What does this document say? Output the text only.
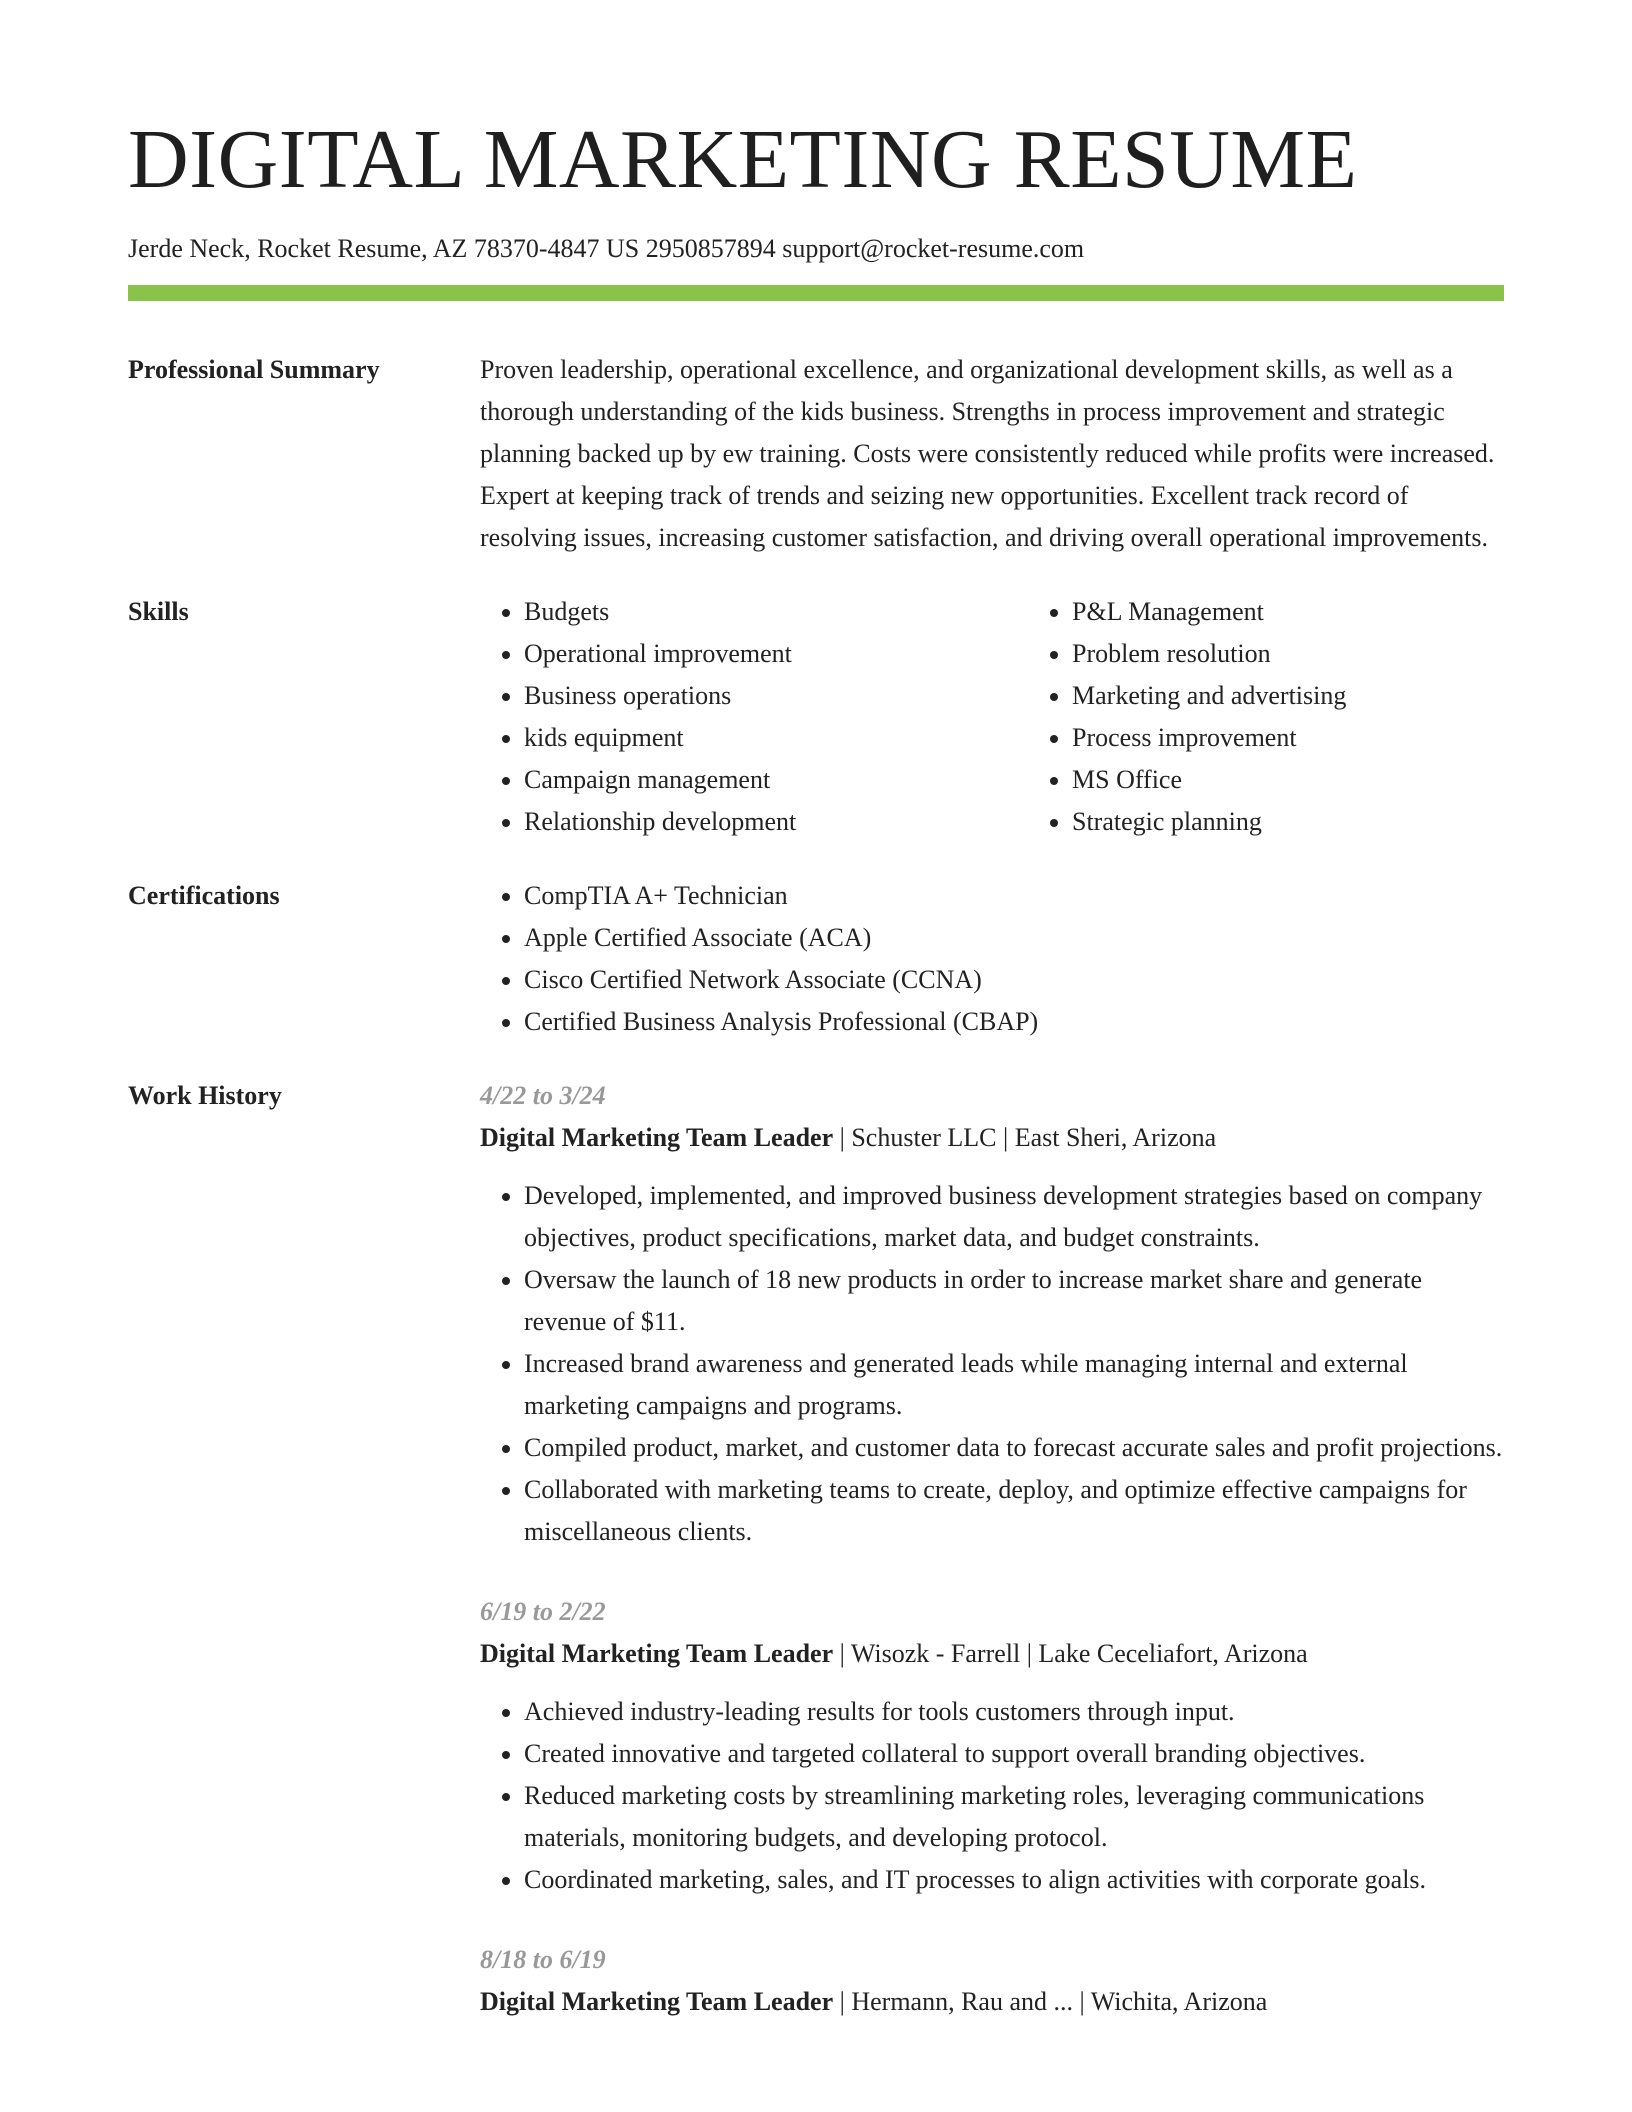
DIGITAL MARKETING RESUME
Jerde Neck, Rocket Resume, AZ 78370-4847 US 2950857894 support@rocket-resume.com
Professional Summary	Proven leadership, operational excellence, and organizational development skills, as well as a thorough understanding of the kids business. Strengths in process improvement and strategic planning backed up by ew training. Costs were consistently reduced while profits were increased. Expert at keeping track of trends and seizing new opportunities. Excellent track record of resolving issues, increasing customer satisfaction, and driving overall operational improvements.

Skills	• Budgets
• Operational improvement
• Business operations
• kids equipment
• Campaign management
• Relationship development
• P&L Management
• Problem resolution
• Marketing and advertising
• Process improvement
• MS Office
• Strategic planning
Certifications	• CompTIA A+ Technician
• Apple Certified Associate (ACA)
• Cisco Certified Network Associate (CCNA)
• Certified Business Analysis Professional (CBAP)
Work History	4/22 to 3/24
Digital Marketing Team Leader | Schuster LLC | East Sheri, Arizona
• Developed, implemented, and improved business development strategies based on company objectives, product specifications, market data, and budget constraints.
• Oversaw the launch of 18 new products in order to increase market share and generate revenue of $11.
• Increased brand awareness and generated leads while managing internal and external marketing campaigns and programs.
• Compiled product, market, and customer data to forecast accurate sales and profit projections.
• Collaborated with marketing teams to create, deploy, and optimize effective campaigns for miscellaneous clients.
6/19 to 2/22
Digital Marketing Team Leader | Wisozk - Farrell | Lake Ceceliafort, Arizona
• Achieved industry-leading results for tools customers through input.
• Created innovative and targeted collateral to support overall branding objectives.
• Reduced marketing costs by streamlining marketing roles, leveraging communications materials, monitoring budgets, and developing protocol.
• Coordinated marketing, sales, and IT processes to align activities with corporate goals.
8/18 to 6/19
Digital Marketing Team Leader | Hermann, Rau and ... | Wichita, Arizona
